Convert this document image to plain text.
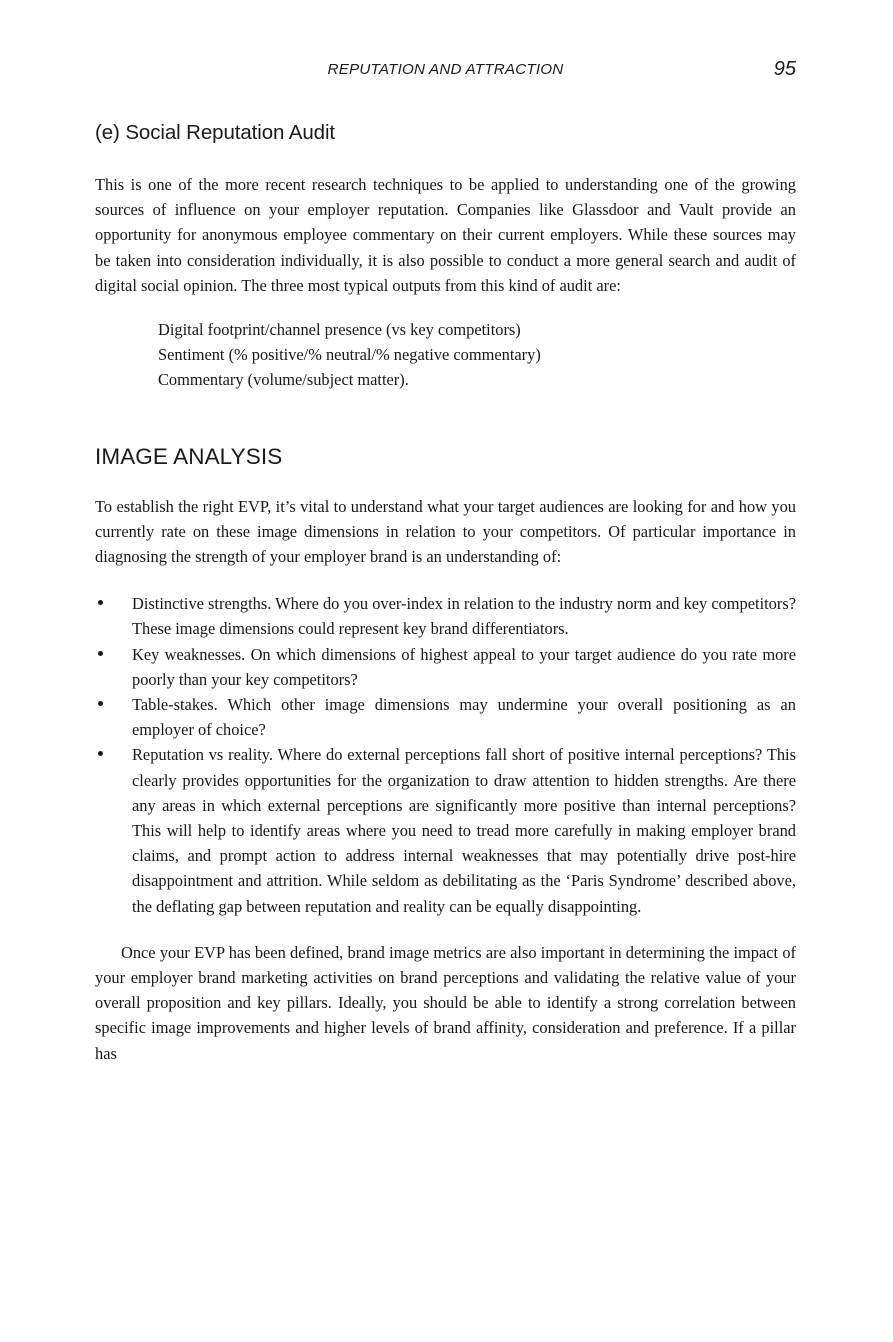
REPUTATION AND ATTRACTION	95
(e) Social Reputation Audit

This is one of the more recent research techniques to be applied to understanding one of the growing sources of influence on your employer reputation. Companies like Glassdoor and Vault provide an opportunity for anonymous employee commentary on their current employers. While these sources may be taken into consideration individually, it is also possible to conduct a more general search and audit of digital social opinion. The three most typical outputs from this kind of audit are:

Digital footprint/channel presence (vs key competitors)
Sentiment (% positive/% neutral/% negative commentary)
Commentary (volume/subject matter).
IMAGE ANALYSIS

To establish the right EVP, it’s vital to understand what your target audiences are looking for and how you currently rate on these image dimensions in relation to your competitors. Of particular importance in diagnosing the strength of your employer brand is an understanding of:

Distinctive strengths. Where do you over-index in relation to the industry norm and key competitors? These image dimensions could represent key brand differentiators.
Key weaknesses. On which dimensions of highest appeal to your target audience do you rate more poorly than your key competitors?
Table-stakes. Which other image dimensions may undermine your overall positioning as an employer of choice?
Reputation vs reality. Where do external perceptions fall short of positive internal perceptions? This clearly provides opportunities for the organization to draw attention to hidden strengths. Are there any areas in which external perceptions are significantly more positive than internal perceptions? This will help to identify areas where you need to tread more carefully in making employer brand claims, and prompt action to address internal weaknesses that may potentially drive post-hire disappointment and attrition. While seldom as debilitating as the ‘Paris Syndrome’ described above, the deflating gap between reputation and reality can be equally disappointing.

Once your EVP has been defined, brand image metrics are also important in determining the impact of your employer brand marketing activities on brand perceptions and validating the relative value of your overall proposition and key pillars. Ideally, you should be able to identify a strong correlation between specific image improvements and higher levels of brand affinity, consideration and preference. If a pillar has
